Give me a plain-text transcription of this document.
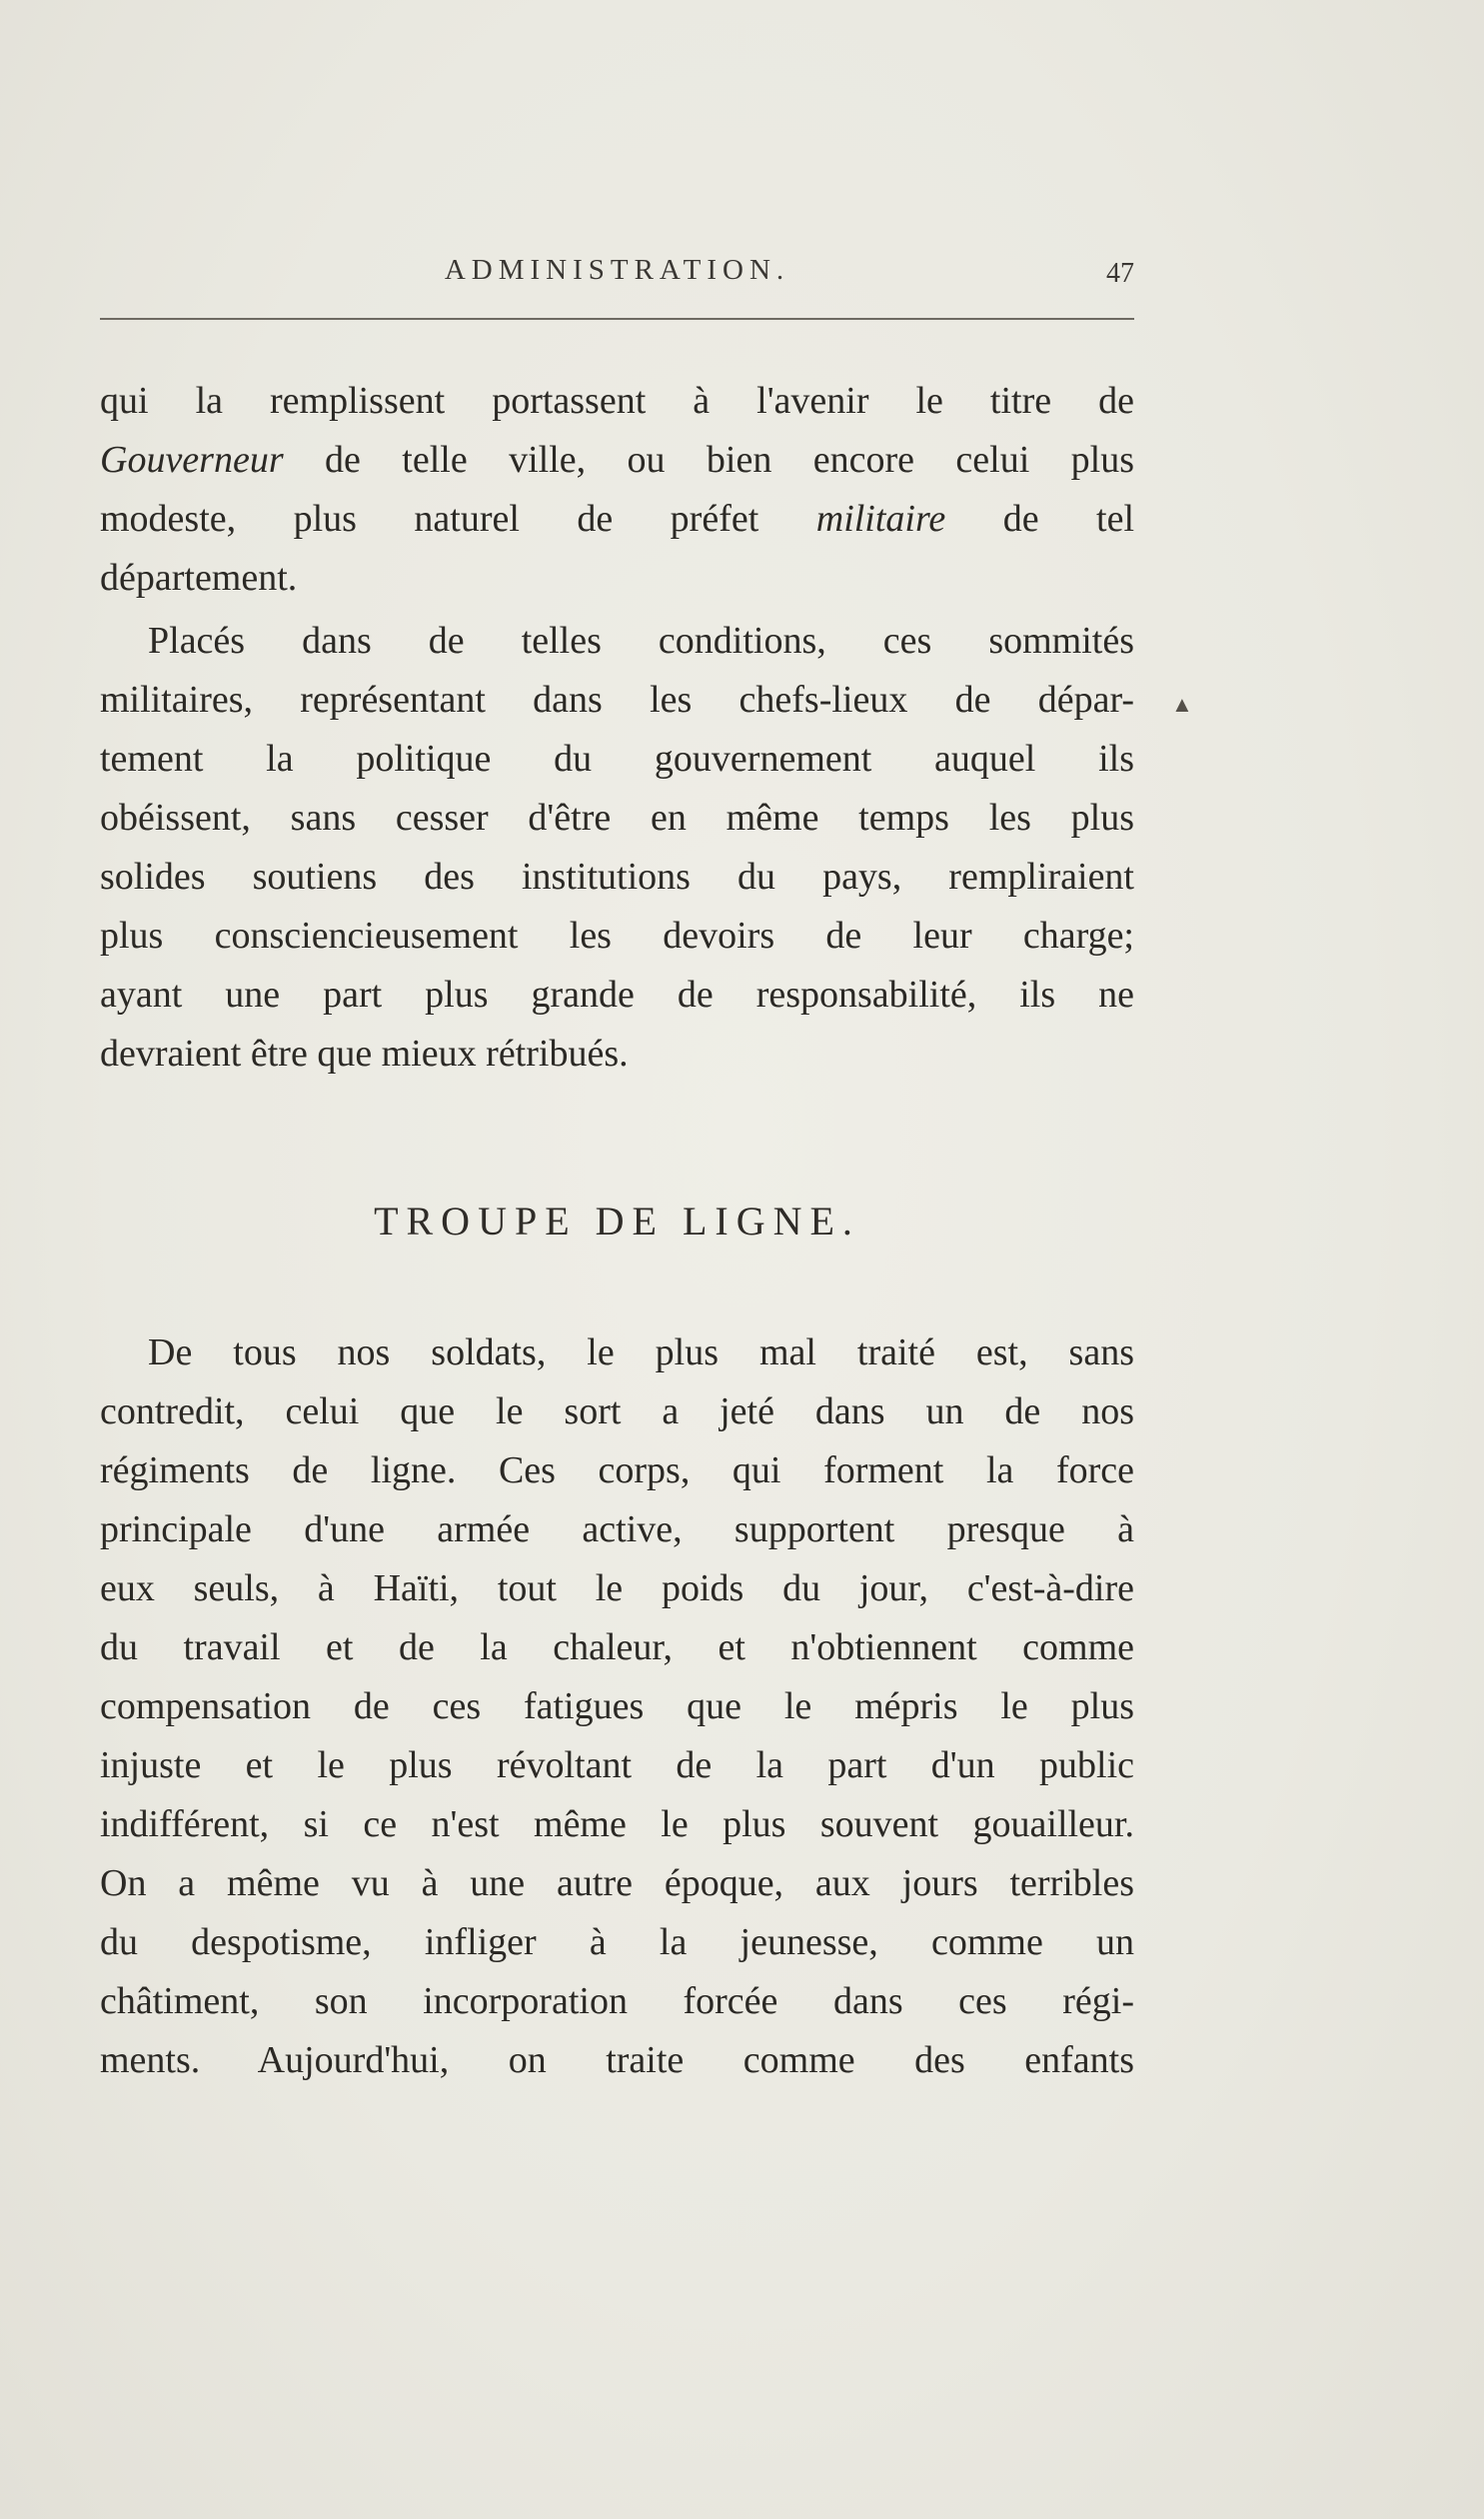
ADMINISTRATION.	47
qui la remplissent portassent à l'avenir le titre de
Gouverneur de telle ville, ou bien encore celui plus
modeste, plus naturel de préfet militaire de tel
département.
Placés dans de telles conditions, ces sommités
militaires, représentant dans les chefs-lieux de dépar-
tement la politique du gouvernement auquel ils
obéissent, sans cesser d'être en même temps les plus
solides soutiens des institutions du pays, rempliraient
plus consciencieusement les devoirs de leur charge;
ayant une part plus grande de responsabilité, ils ne
devraient être que mieux rétribués.
▲
TROUPE DE LIGNE.
De tous nos soldats, le plus mal traité est, sans
contredit, celui que le sort a jeté dans un de nos
régiments de ligne. Ces corps, qui forment la force
principale d'une armée active, supportent presque à
eux seuls, à Haïti, tout le poids du jour, c'est-à-dire
du travail et de la chaleur, et n'obtiennent comme
compensation de ces fatigues que le mépris le plus
injuste et le plus révoltant de la part d'un public
indifférent, si ce n'est même le plus souvent gouailleur.
On a même vu à une autre époque, aux jours terribles
du despotisme, infliger à la jeunesse, comme un
châtiment, son incorporation forcée dans ces régi-
ments. Aujourd'hui, on traite comme des enfants
